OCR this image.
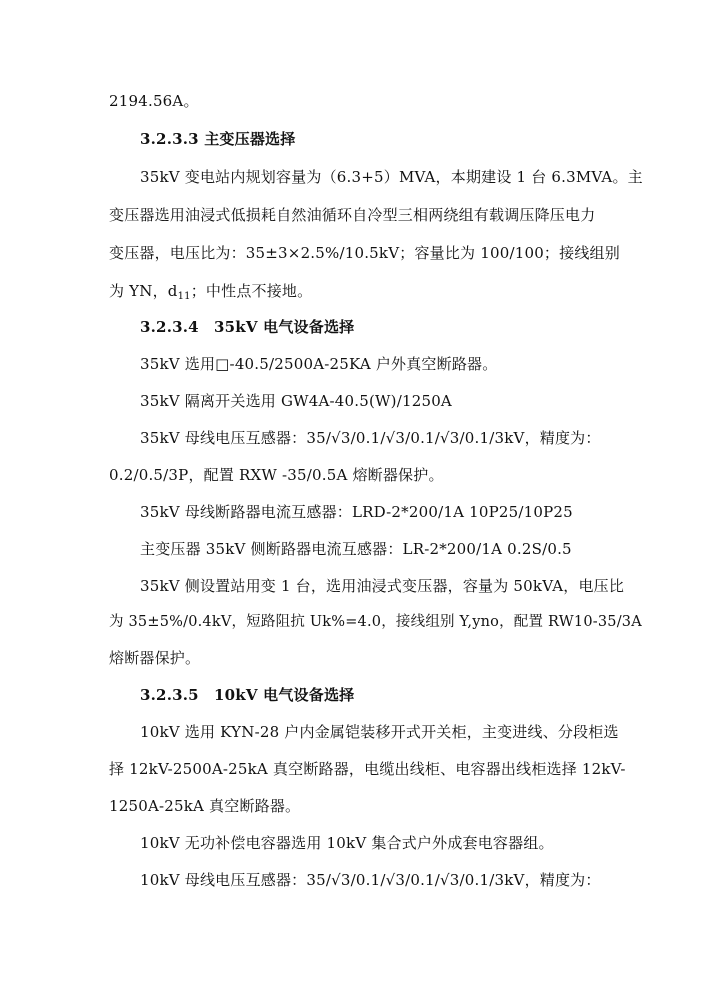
2194.56A。
3.2.3.3 主变压器选择
35kV 变电站内规划容量为（6.3+5）MVA，本期建设 1 台 6.3MVA。主
变压器选用油浸式低损耗自然油循环自冷型三相两绕组有载调压降压电力
变压器，电压比为：35±3×2.5%/10.5kV；容量比为 100/100；接线组别
为 YN，$d_{11}$；中性点不接地。
3.2.3.4　35kV 电气设备选择
35kV 选用□-40.5/2500A-25KA 户外真空断路器。
35kV 隔离开关选用 GW4A-40.5(W)/1250A
35kV 母线电压互感器：35/√3/0.1/√3/0.1/√3/0.1/3kV，精度为：
0.2/0.5/3P，配置 RXW -35/0.5A 熔断器保护。
35kV 母线断路器电流互感器：LRD-2*200/1A 10P25/10P25
主变压器 35kV 侧断路器电流互感器：LR-2*200/1A 0.2S/0.5
35kV 侧设置站用变 1 台，选用油浸式变压器，容量为 50kVA，电压比
为 35±5%/0.4kV，短路阻抗 Uk%=4.0，接线组别 Y,yno，配置 RW10-35/3A
熔断器保护。
3.2.3.5　10kV 电气设备选择
10kV 选用 KYN-28 户内金属铠装移开式开关柜，主变进线、分段柜选
择 12kV-2500A-25kA 真空断路器，电缆出线柜、电容器出线柜选择 12kV-
1250A-25kA 真空断路器。
10kV 无功补偿电容器选用 10kV 集合式户外成套电容器组。
10kV 母线电压互感器：35/√3/0.1/√3/0.1/√3/0.1/3kV，精度为：
